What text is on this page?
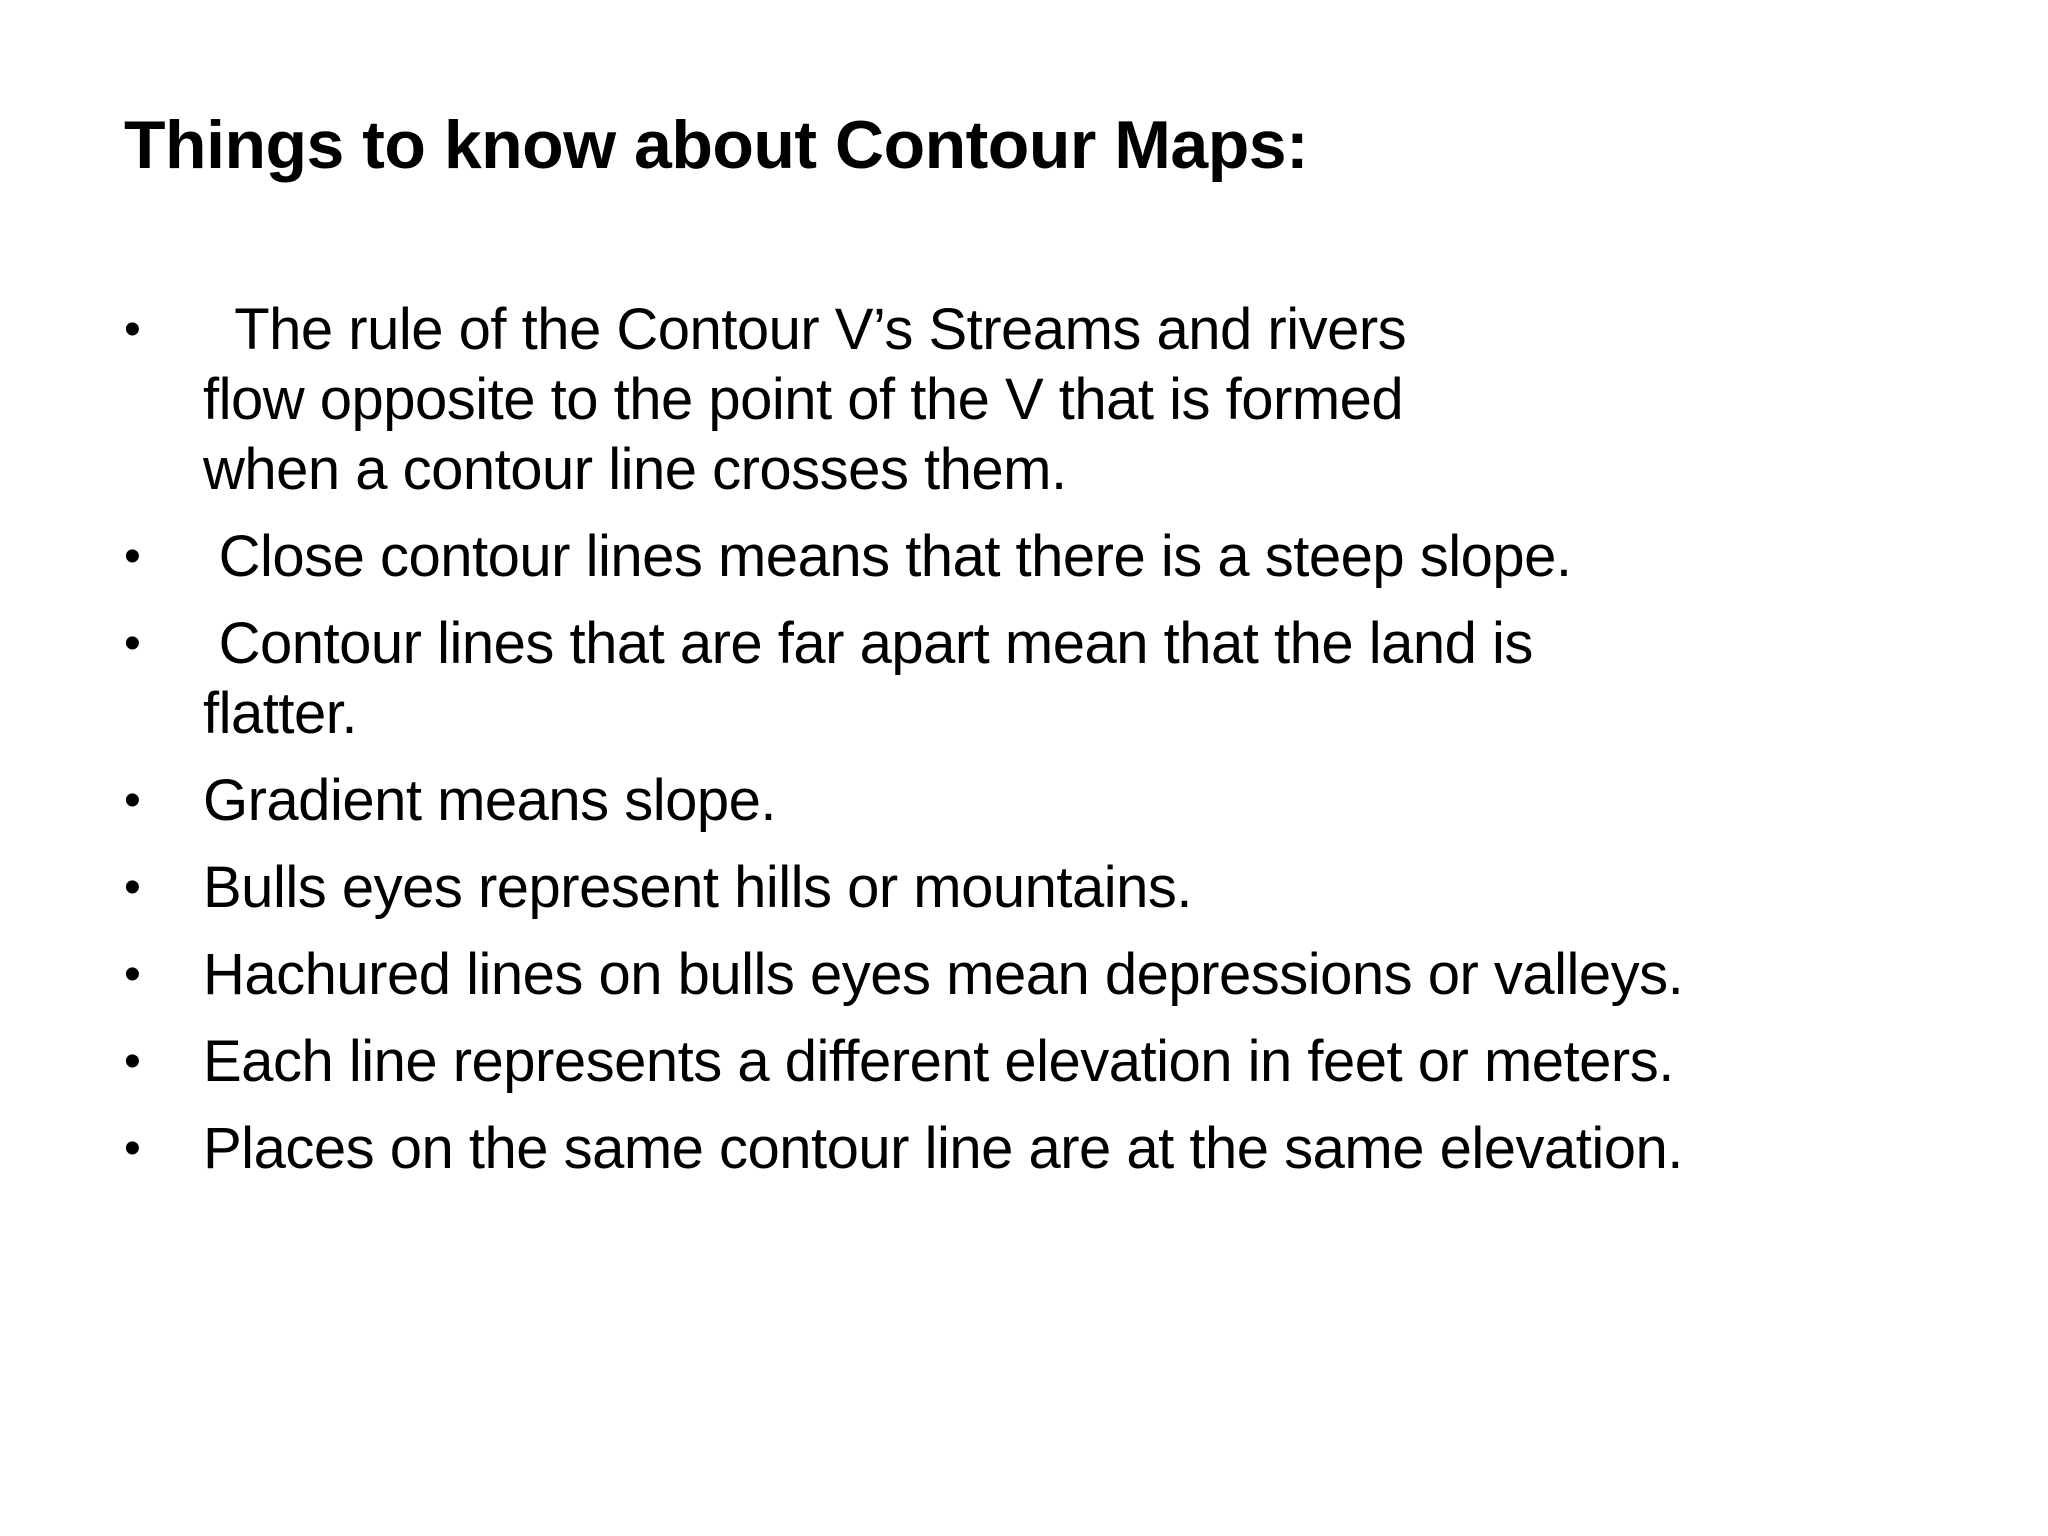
Things to know about Contour Maps:
•	The rule of the Contour V’s Streams and rivers flow opposite to the point of the V that is formed when a contour line crosses them.
•	Close contour lines means that there is a steep slope.
•	Contour lines that are far apart mean that the land is flatter.
•	Gradient means slope.
•	Bulls eyes represent hills or mountains.
•	Hachured lines on bulls eyes mean depressions or valleys.
•	Each line represents a different elevation in feet or meters.
•	Places on the same contour line are at the same elevation.
